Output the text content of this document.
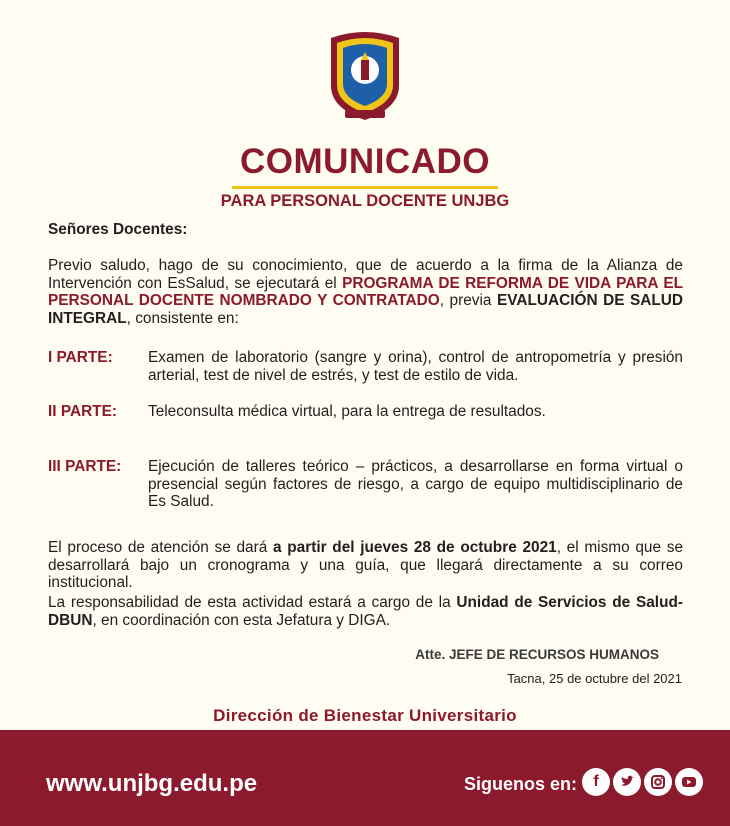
COMUNICADO
PARA PERSONAL DOCENTE UNJBG
Señores Docentes:
Previo saludo, hago de su conocimiento, que de acuerdo a la firma de la Alianza de Intervención con EsSalud, se ejecutará el PROGRAMA DE REFORMA DE VIDA PARA EL PERSONAL DOCENTE NOMBRADO Y CONTRATADO, previa EVALUACIÓN DE SALUD INTEGRAL, consistente en:
I PARTE: Examen de laboratorio (sangre y orina), control de antropometría y presión arterial, test de nivel de estrés, y test de estilo de vida.
II PARTE: Teleconsulta médica virtual, para la entrega de resultados.
III PARTE: Ejecución de talleres teórico – prácticos, a desarrollarse en forma virtual o presencial según factores de riesgo, a cargo de equipo multidisciplinario de Es Salud.
El proceso de atención se dará a partir del jueves 28 de octubre 2021, el mismo que se desarrollará bajo un cronograma y una guía, que llegará directamente a su correo institucional.
La responsabilidad de esta actividad estará a cargo de la Unidad de Servicios de Salud-DBUN, en coordinación con esta Jefatura y DIGA.
Atte. JEFE DE RECURSOS HUMANOS
Tacna, 25 de octubre del 2021
Dirección de Bienestar Universitario
www.unjbg.edu.pe	Siguenos en:	f
